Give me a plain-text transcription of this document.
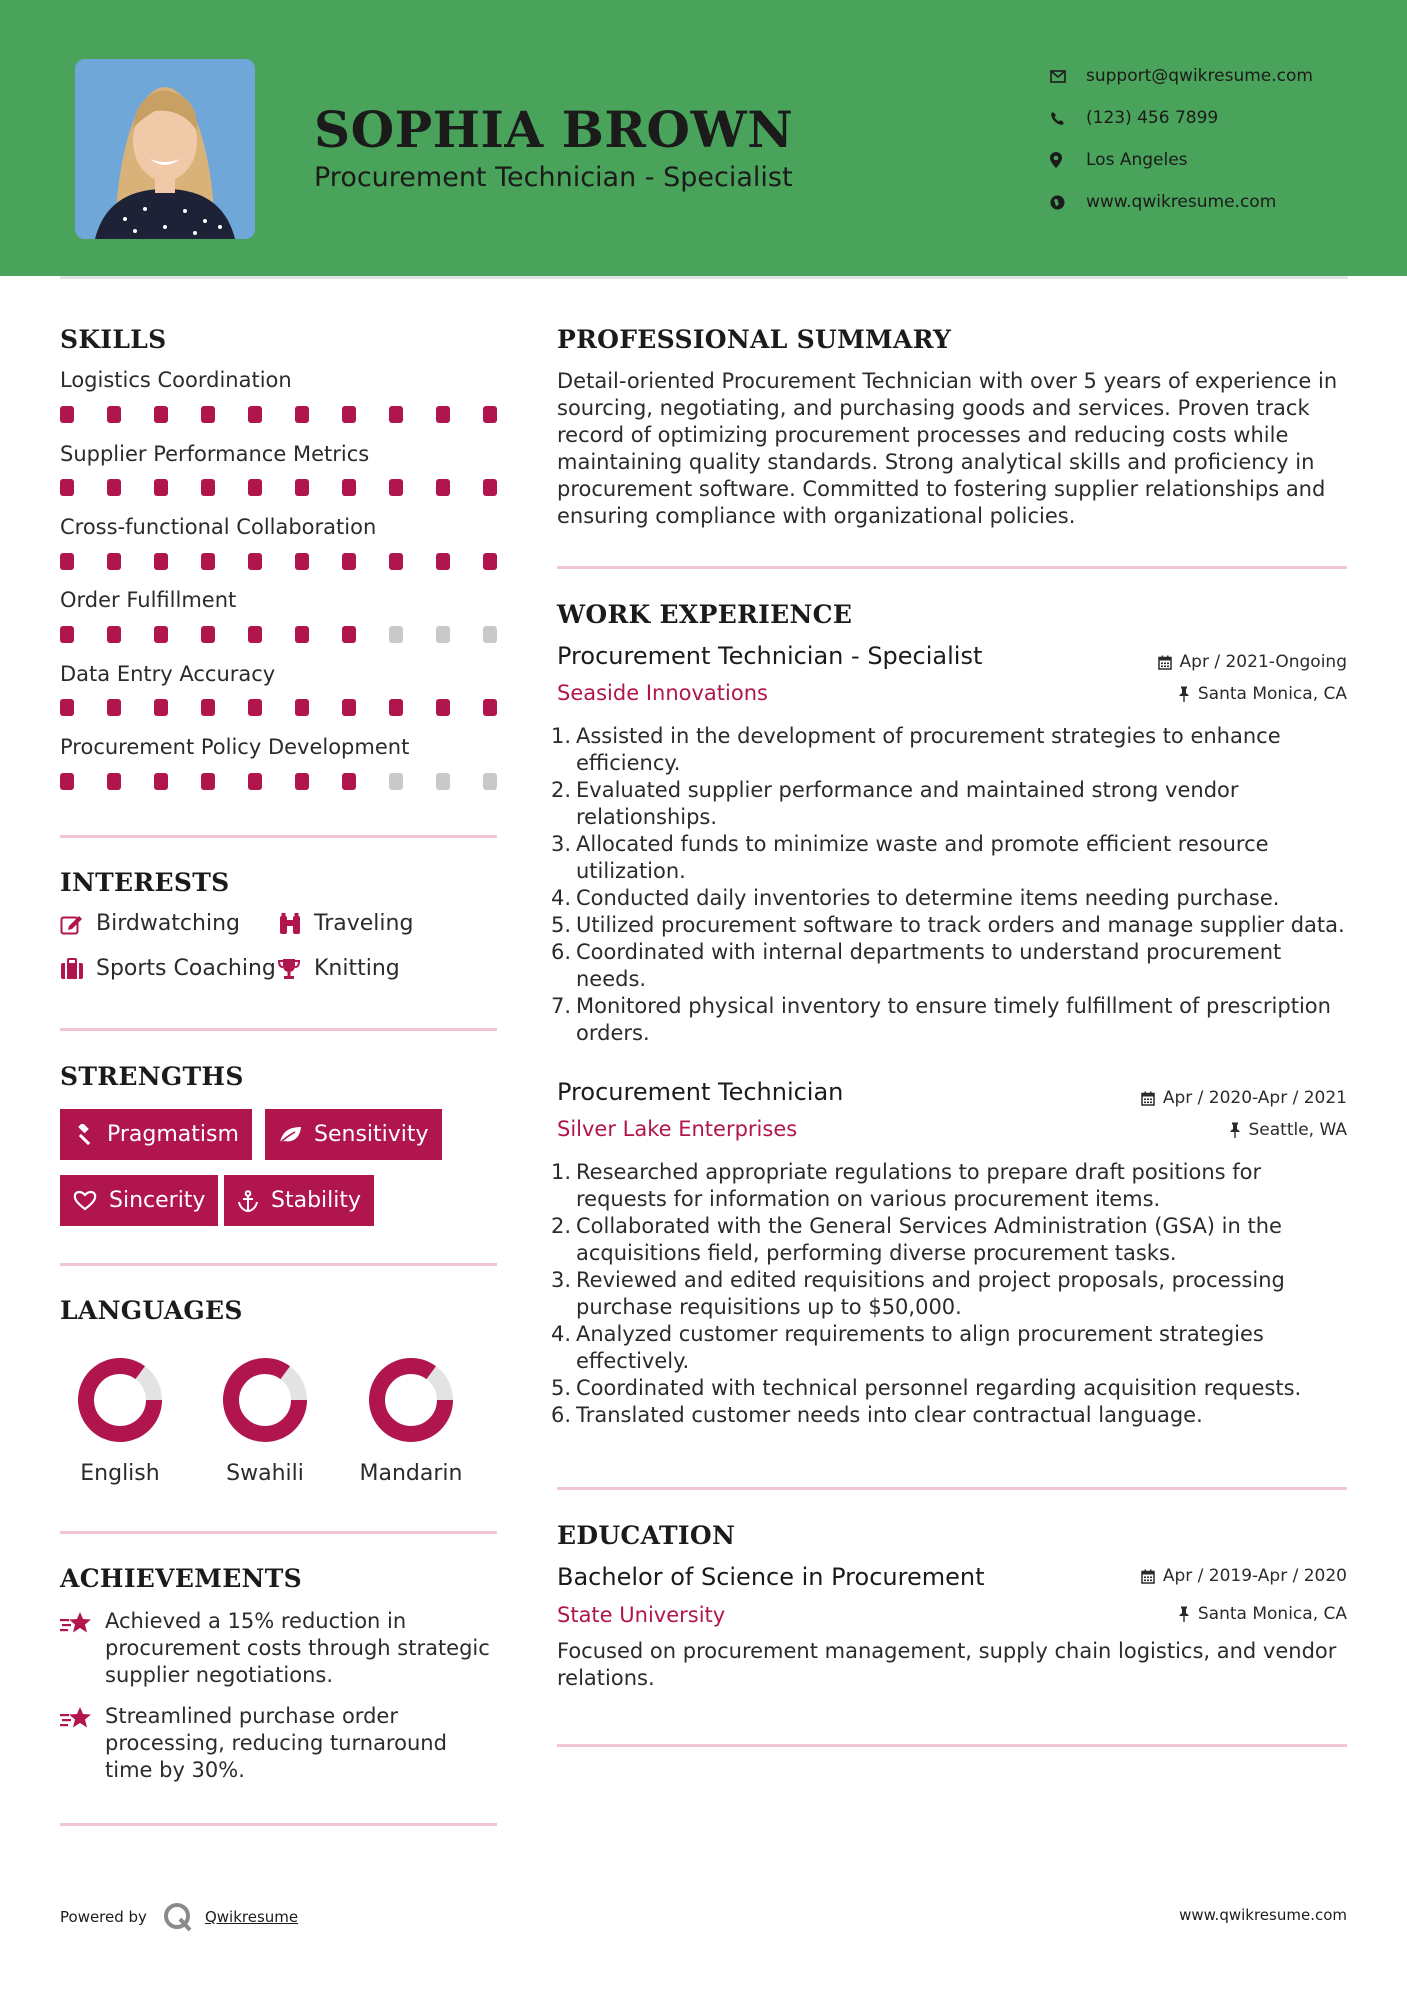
SOPHIA BROWN
Procurement Technician - Specialist
support@qwikresume.com
(123) 456 7899
Los Angeles
www.qwikresume.com
SKILLS
Logistics Coordination
Supplier Performance Metrics
Cross-functional Collaboration
Order Fulfillment
Data Entry Accuracy
Procurement Policy Development
INTERESTS
Birdwatching	Traveling
Sports Coaching Knitting
STRENGTHS
Pragmatism	Sensitivity
Sincerity	Stability
LANGUAGES
English	Swahili	Mandarin
ACHIEVEMENTS
Achieved a 15% reduction in procurement costs through strategic supplier negotiations.
Streamlined purchase order processing, reducing turnaround time by 30%.
PROFESSIONAL SUMMARY
Detail-oriented Procurement Technician with over 5 years of experience in sourcing, negotiating, and purchasing goods and services. Proven track record of optimizing procurement processes and reducing costs while maintaining quality standards. Strong analytical skills and proficiency in procurement software. Committed to fostering supplier relationships and ensuring compliance with organizational policies.
WORK EXPERIENCE
Procurement Technician - Specialist	Apr / 2021-Ongoing
Seaside Innovations	Santa Monica, CA
1. Assisted in the development of procurement strategies to enhance efficiency.
2. Evaluated supplier performance and maintained strong vendor relationships.
3. Allocated funds to minimize waste and promote efficient resource utilization.
4. Conducted daily inventories to determine items needing purchase.
5. Utilized procurement software to track orders and manage supplier data.
6. Coordinated with internal departments to understand procurement needs.
7. Monitored physical inventory to ensure timely fulfillment of prescription orders.
Procurement Technician	Apr / 2020-Apr / 2021
Silver Lake Enterprises	Seattle, WA
1. Researched appropriate regulations to prepare draft positions for requests for information on various procurement items.
2. Collaborated with the General Services Administration (GSA) in the acquisitions field, performing diverse procurement tasks.
3. Reviewed and edited requisitions and project proposals, processing purchase requisitions up to $50,000.
4. Analyzed customer requirements to align procurement strategies effectively.
5. Coordinated with technical personnel regarding acquisition requests.
6. Translated customer needs into clear contractual language.
EDUCATION
Bachelor of Science in Procurement	Apr / 2019-Apr / 2020
State University	Santa Monica, CA
Focused on procurement management, supply chain logistics, and vendor relations.
Powered by	Qwikresume	www.qwikresume.com
